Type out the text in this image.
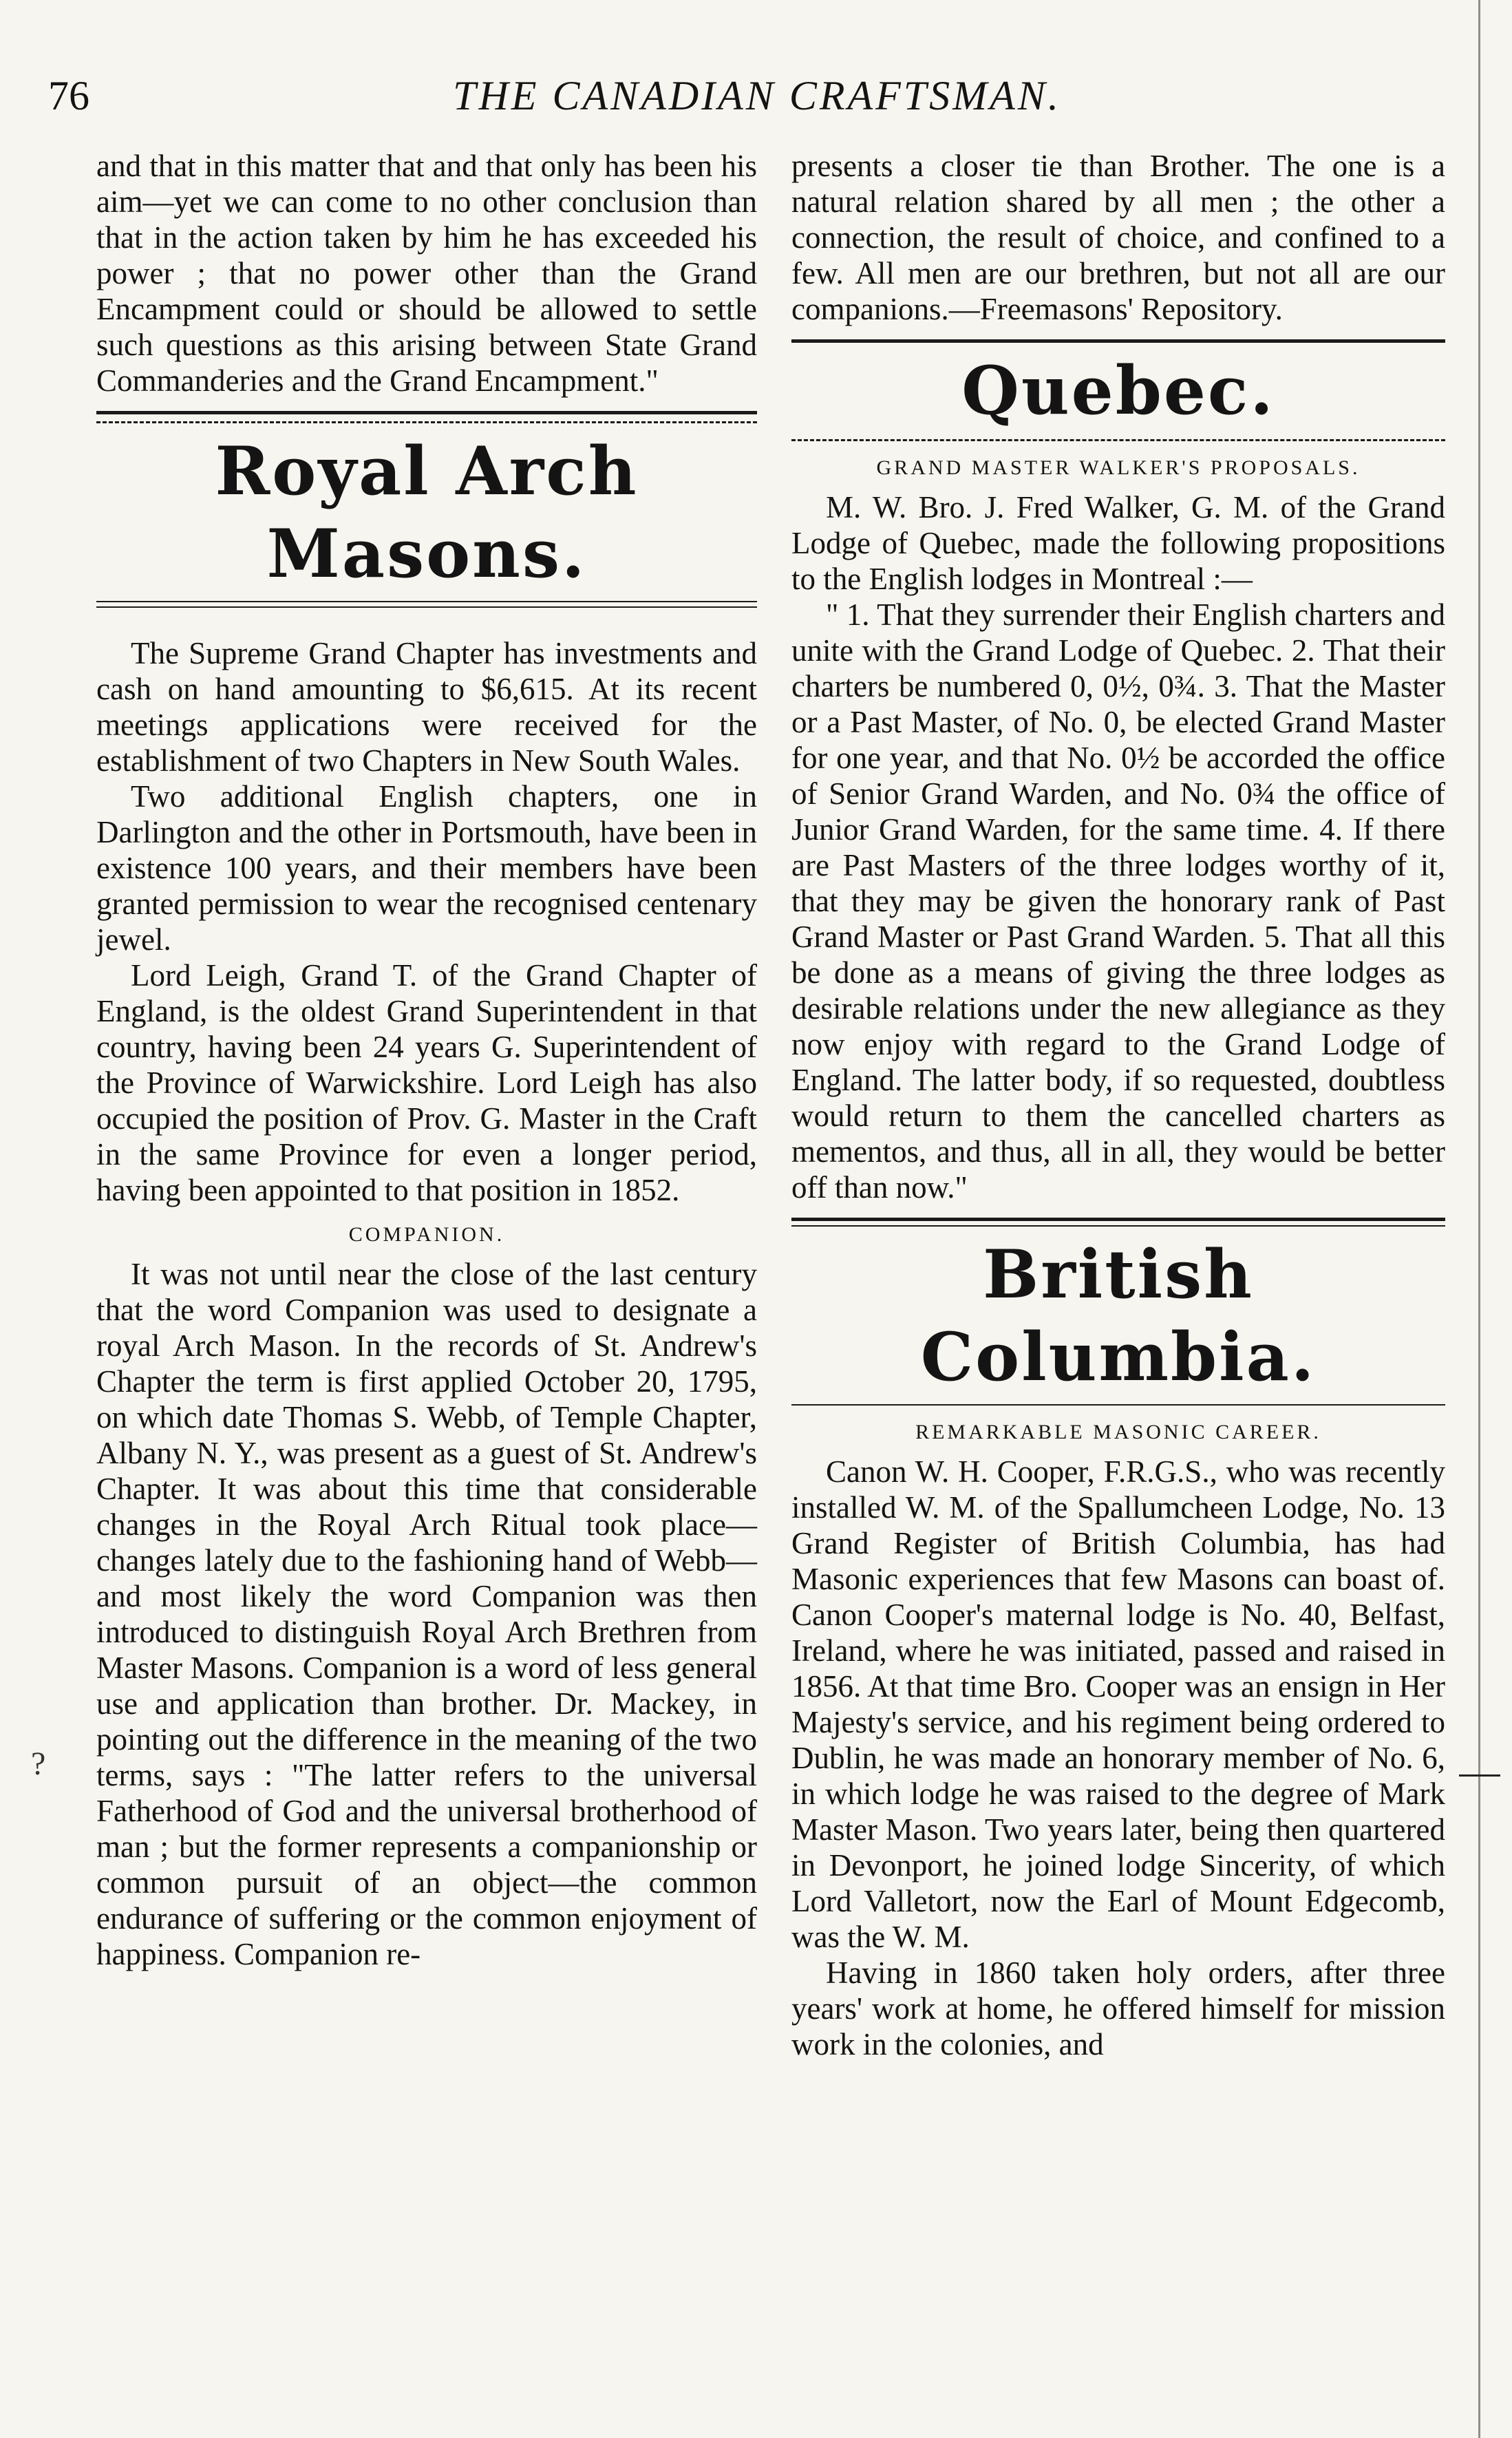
76	THE CANADIAN CRAFTSMAN.

and that in this matter that and that only has been his aim—yet we can come to no other conclusion than that in the action taken by him he has exceeded his power ; that no power other than the Grand Encampment could or should be allowed to settle such questions as this arising between State Grand Commanderies and the Grand Encampment."

Royal Arch Masons.

The Supreme Grand Chapter has investments and cash on hand amounting to $6,615. At its recent meetings applications were received for the establishment of two Chapters in New South Wales.

Two additional English chapters, one in Darlington and the other in Portsmouth, have been in existence 100 years, and their members have been granted permission to wear the recognised centenary jewel.

Lord Leigh, Grand T. of the Grand Chapter of England, is the oldest Grand Superintendent in that country, having been 24 years G. Superintendent of the Province of Warwickshire. Lord Leigh has also occupied the position of Prov. G. Master in the Craft in the same Province for even a longer period, having been appointed to that position in 1852.

COMPANION.

It was not until near the close of the last century that the word Companion was used to designate a royal Arch Mason. In the records of St. Andrew's Chapter the term is first applied October 20, 1795, on which date Thomas S. Webb, of Temple Chapter, Albany N. Y., was present as a guest of St. Andrew's Chapter. It was about this time that considerable changes in the Royal Arch Ritual took place—changes lately due to the fashioning hand of Webb—and most likely the word Companion was then introduced to distinguish Royal Arch Brethren from Master Masons. Companion is a word of less general use and application than brother. Dr. Mackey, in pointing out the difference in the meaning of the two terms, says : "The latter refers to the universal Fatherhood of God and the universal brotherhood of man ; but the former represents a companionship or common pursuit of an object—the common endurance of suffering or the common enjoyment of happiness. Companion re-

presents a closer tie than Brother. The one is a natural relation shared by all men ; the other a connection, the result of choice, and confined to a few. All men are our brethren, but not all are our companions.—Freemasons' Repository.

Quebec.
GRAND MASTER WALKER'S PROPOSALS.

M. W. Bro. J. Fred Walker, G. M. of the Grand Lodge of Quebec, made the following propositions to the English lodges in Montreal :—

" 1. That they surrender their English charters and unite with the Grand Lodge of Quebec. 2. That their charters be numbered 0, 0½, 0¾. 3. That the Master or a Past Master, of No. 0, be elected Grand Master for one year, and that No. 0½ be accorded the office of Senior Grand Warden, and No. 0¾ the office of Junior Grand Warden, for the same time. 4. If there are Past Masters of the three lodges worthy of it, that they may be given the honorary rank of Past Grand Master or Past Grand Warden. 5. That all this be done as a means of giving the three lodges as desirable relations under the new allegiance as they now enjoy with regard to the Grand Lodge of England. The latter body, if so requested, doubtless would return to them the cancelled charters as mementos, and thus, all in all, they would be better off than now."

British Columbia.
REMARKABLE MASONIC CAREER.

Canon W. H. Cooper, F.R.G.S., who was recently installed W. M. of the Spallumcheen Lodge, No. 13 Grand Register of British Columbia, has had Masonic experiences that few Masons can boast of. Canon Cooper's maternal lodge is No. 40, Belfast, Ireland, where he was initiated, passed and raised in 1856. At that time Bro. Cooper was an ensign in Her Majesty's service, and his regiment being ordered to Dublin, he was made an honorary member of No. 6, in which lodge he was raised to the degree of Mark Master Mason. Two years later, being then quartered in Devonport, he joined lodge Sincerity, of which Lord Valletort, now the Earl of Mount Edgecomb, was the W. M.

Having in 1860 taken holy orders, after three years' work at home, he offered himself for mission work in the colonies, and

?
